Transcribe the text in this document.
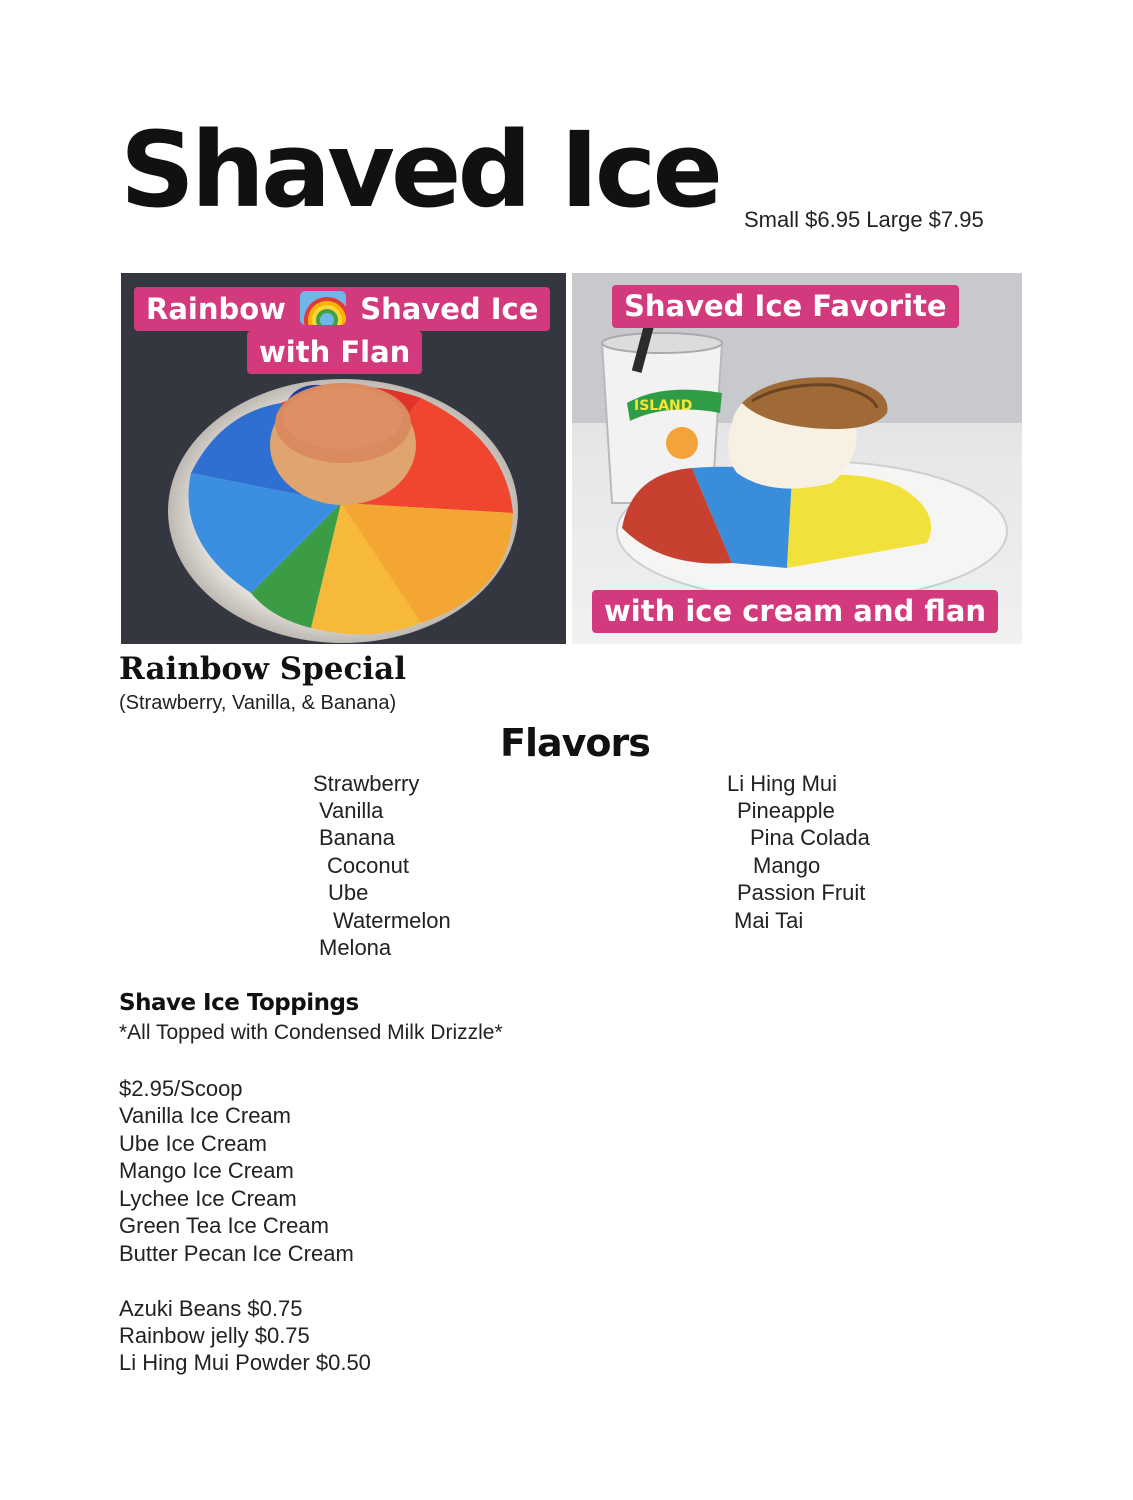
Shaved Ice Small $6.95 Large $7.95
Rainbow	Shaved Ice
with Flan
ISLAND
Shaved Ice Favorite
with ice cream and flan
Rainbow Special
(Strawberry, Vanilla, & Banana)
Flavors
Strawberry
Vanilla
Banana
Coconut
Ube
Watermelon
Melona
Li Hing Mui
Pineapple
Pina Colada
Mango
Passion Fruit
Mai Tai
Shave Ice Toppings
*All Topped with Condensed Milk Drizzle*
$2.95/Scoop
Vanilla Ice Cream
Ube Ice Cream
Mango Ice Cream
Lychee Ice Cream
Green Tea Ice Cream
Butter Pecan Ice Cream
Azuki Beans $0.75
Rainbow jelly $0.75
Li Hing Mui Powder $0.50
